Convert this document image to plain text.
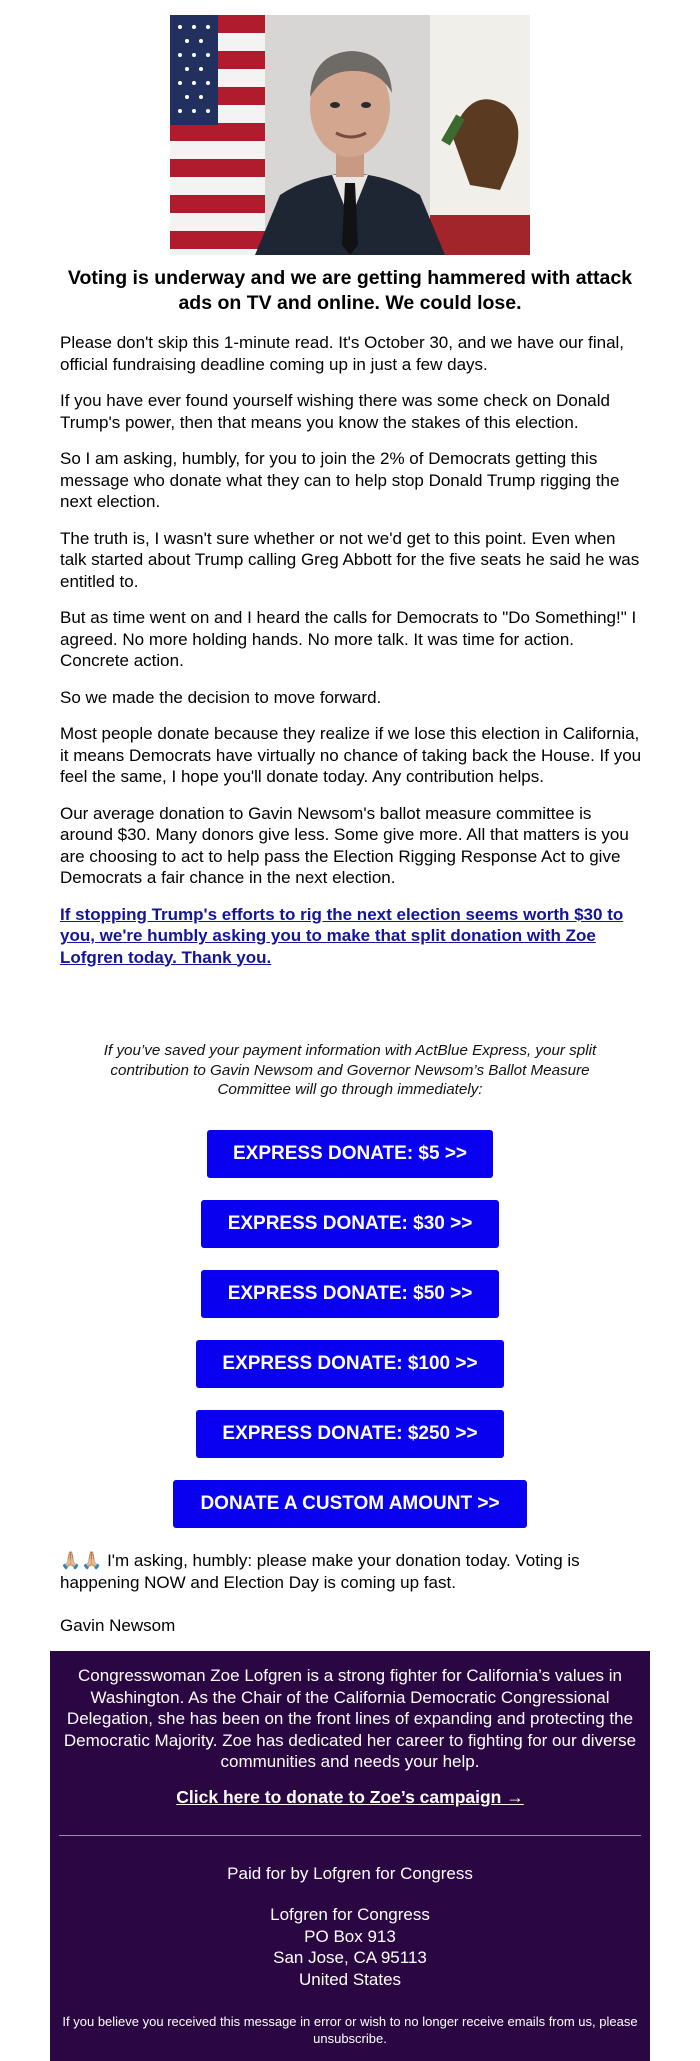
Voting is underway and we are getting hammered with attack ads on TV and online. We could lose.

Please don't skip this 1-minute read. It's October 30, and we have our final, official fundraising deadline coming up in just a few days.

If you have ever found yourself wishing there was some check on Donald Trump's power, then that means you know the stakes of this election.

So I am asking, humbly, for you to join the 2% of Democrats getting this message who donate what they can to help stop Donald Trump rigging the next election.

The truth is, I wasn't sure whether or not we'd get to this point. Even when talk started about Trump calling Greg Abbott for the five seats he said he was entitled to.

But as time went on and I heard the calls for Democrats to "Do Something!" I agreed. No more holding hands. No more talk. It was time for action. Concrete action.

So we made the decision to move forward.

Most people donate because they realize if we lose this election in California, it means Democrats have virtually no chance of taking back the House. If you feel the same, I hope you'll donate today. Any contribution helps.

Our average donation to Gavin Newsom's ballot measure committee is around $30. Many donors give less. Some give more. All that matters is you are choosing to act to help pass the Election Rigging Response Act to give Democrats a fair chance in the next election.

If stopping Trump's efforts to rig the next election seems worth $30 to you, we're humbly asking you to make that split donation with Zoe Lofgren today. Thank you.

If you’ve saved your payment information with ActBlue Express, your split contribution to Gavin Newsom and Governor Newsom’s Ballot Measure Committee will go through immediately:
EXPRESS DONATE: $5 >>
EXPRESS DONATE: $30 >>
EXPRESS DONATE: $50 >>
EXPRESS DONATE: $100 >>
EXPRESS DONATE: $250 >>
DONATE A CUSTOM AMOUNT >>
🙏🏼🙏🏼 I'm asking, humbly: please make your donation today. Voting is happening NOW and Election Day is coming up fast.
Gavin Newsom
Congresswoman Zoe Lofgren is a strong fighter for California’s values in Washington. As the Chair of the California Democratic Congressional Delegation, she has been on the front lines of expanding and protecting the Democratic Majority. Zoe has dedicated her career to fighting for our diverse communities and needs your help.
Click here to donate to Zoe’s campaign →
Paid for by Lofgren for Congress
Lofgren for Congress
PO Box 913
San Jose, CA 95113
United States
If you believe you received this message in error or wish to no longer receive emails from us, please unsubscribe.
